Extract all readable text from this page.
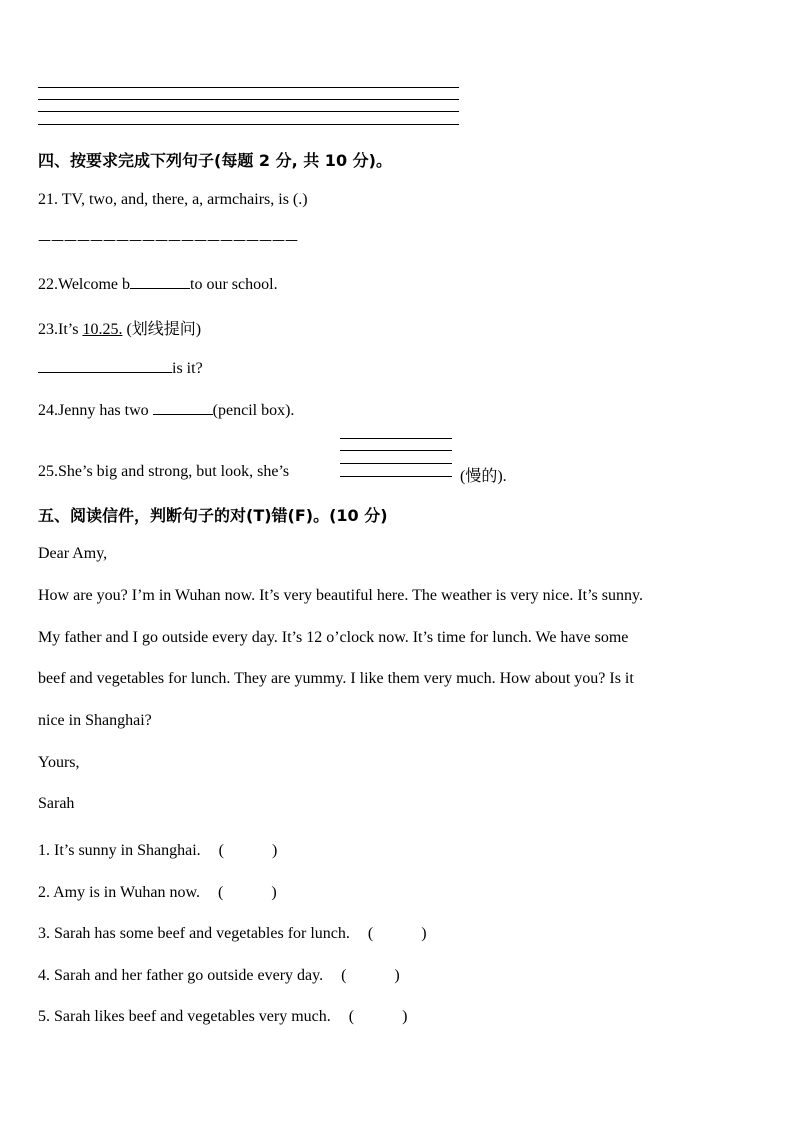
四、按要求完成下列句子(每题 2 分, 共 10 分)。
21. TV, two, and, there, a, armchairs, is (.)
————————————————————
22.Welcome b	to our school.
23.It’s 10.25. (划线提问)
is it?
24.Jenny has two	(pencil box).
25.She’s big and strong, but look, she’s	(慢的).
五、阅读信件，判断句子的对(T)错(F)。(10 分)
Dear Amy,
How are you? I’m in Wuhan now. It’s very beautiful here. The weather is very nice. It’s sunny.
My father and I go outside every day. It’s 12 o’clock now. It’s time for lunch. We have some
beef and vegetables for lunch. They are yummy. I like them very much. How about you? Is it
nice in Shanghai?
Yours,
Sarah
1. It’s sunny in Shanghai. (　　　)
2. Amy is in Wuhan now. (　　　)
3. Sarah has some beef and vegetables for lunch. (　　　)
4. Sarah and her father go outside every day. (　　　)
5. Sarah likes beef and vegetables very much. (　　　)
